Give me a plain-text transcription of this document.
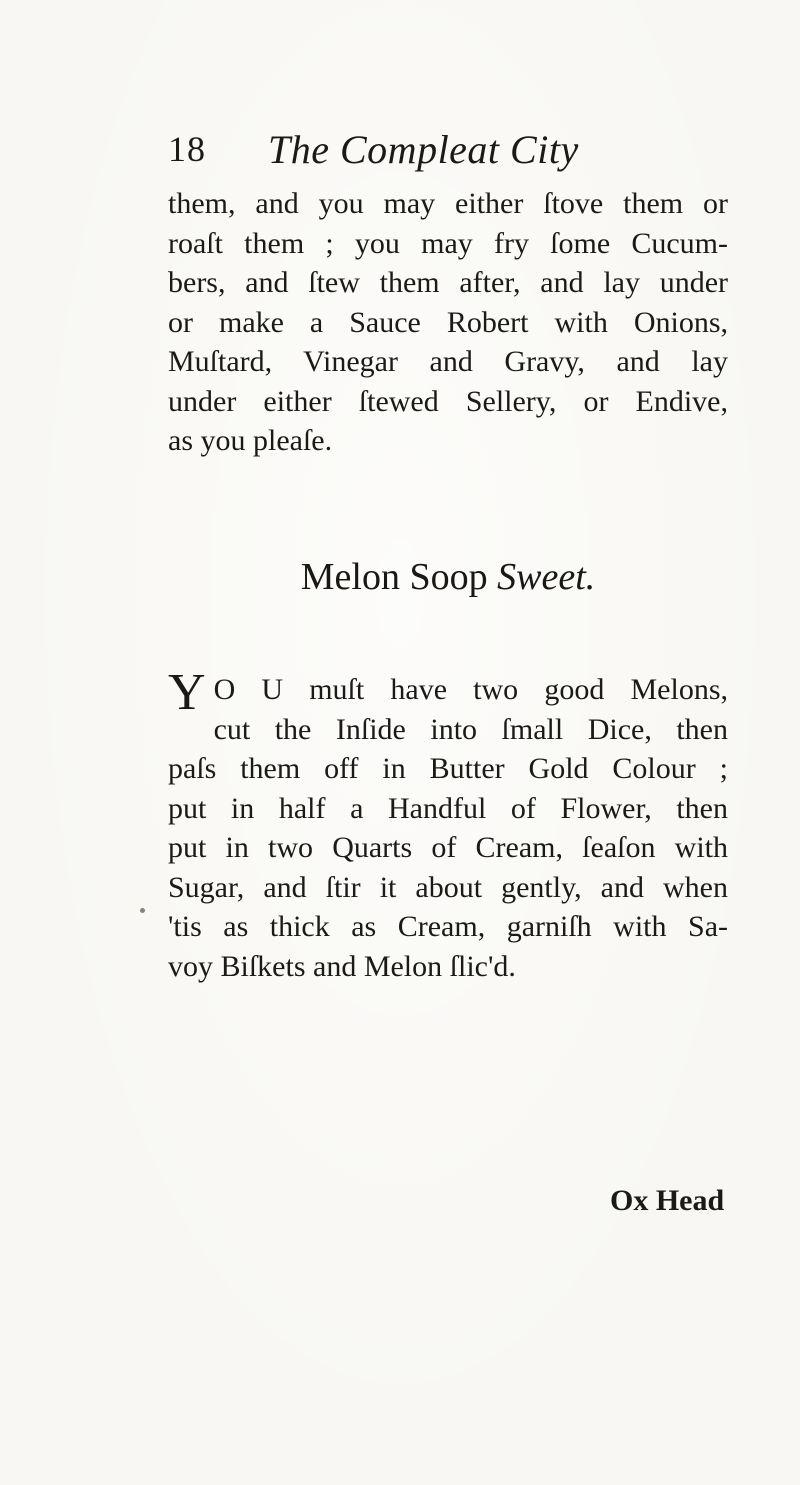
18 The Compleat City
them, and you may either ſtove them or
roaſt them ; you may fry ſome Cucum-
bers, and ſtew them after, and lay under
or make a Sauce Robert with Onions,
Muſtard, Vinegar and Gravy, and lay
under either ſtewed Sellery, or Endive,
as you pleaſe.
Melon Soop Sweet.
Y O U muſt have two good Melons,
cut the Inſide into ſmall Dice, then
paſs them off in Butter Gold Colour ;
put in half a Handful of Flower, then
put in two Quarts of Cream, ſeaſon with
Sugar, and ſtir it about gently, and when
'tis as thick as Cream, garniſh with Sa-
voy Biſkets and Melon ſlic'd.
Ox Head
